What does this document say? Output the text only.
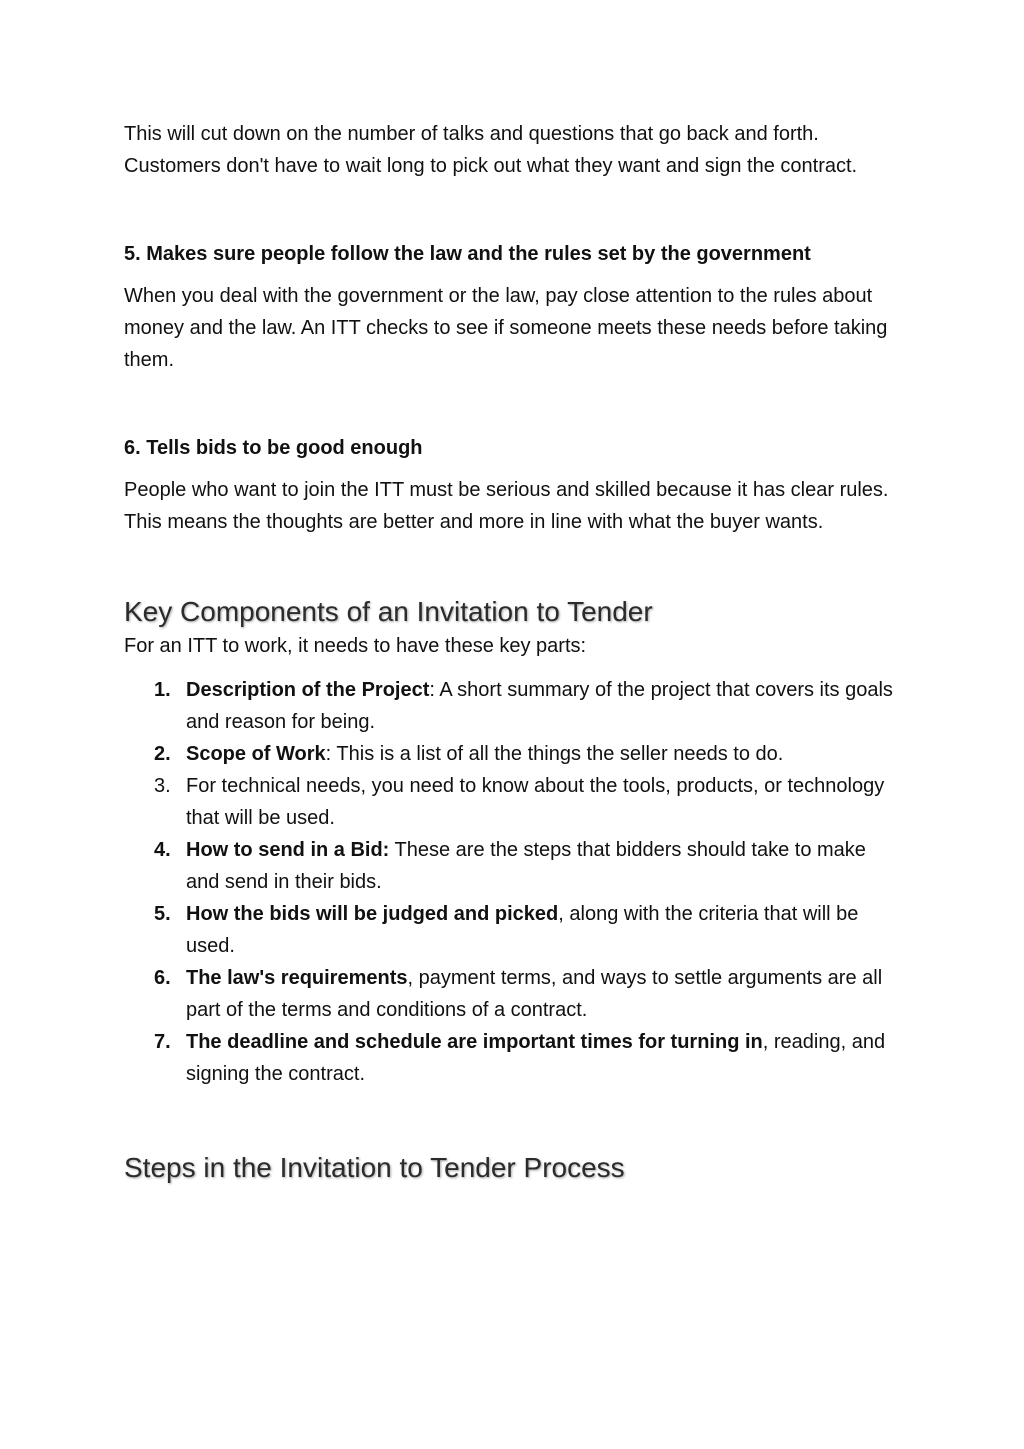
This will cut down on the number of talks and questions that go back and forth. Customers don't have to wait long to pick out what they want and sign the contract.

5. Makes sure people follow the law and the rules set by the government

When you deal with the government or the law, pay close attention to the rules about money and the law. An ITT checks to see if someone meets these needs before taking them.

6. Tells bids to be good enough

People who want to join the ITT must be serious and skilled because it has clear rules. This means the thoughts are better and more in line with what the buyer wants.

Key Components of an Invitation to Tender

For an ITT to work, it needs to have these key parts:

1. Description of the Project: A short summary of the project that covers its goals and reason for being.
2. Scope of Work: This is a list of all the things the seller needs to do.
3. For technical needs, you need to know about the tools, products, or technology that will be used.
4. How to send in a Bid: These are the steps that bidders should take to make and send in their bids.
5. How the bids will be judged and picked, along with the criteria that will be used.
6. The law's requirements, payment terms, and ways to settle arguments are all part of the terms and conditions of a contract.
7. The deadline and schedule are important times for turning in, reading, and signing the contract.
Steps in the Invitation to Tender Process
